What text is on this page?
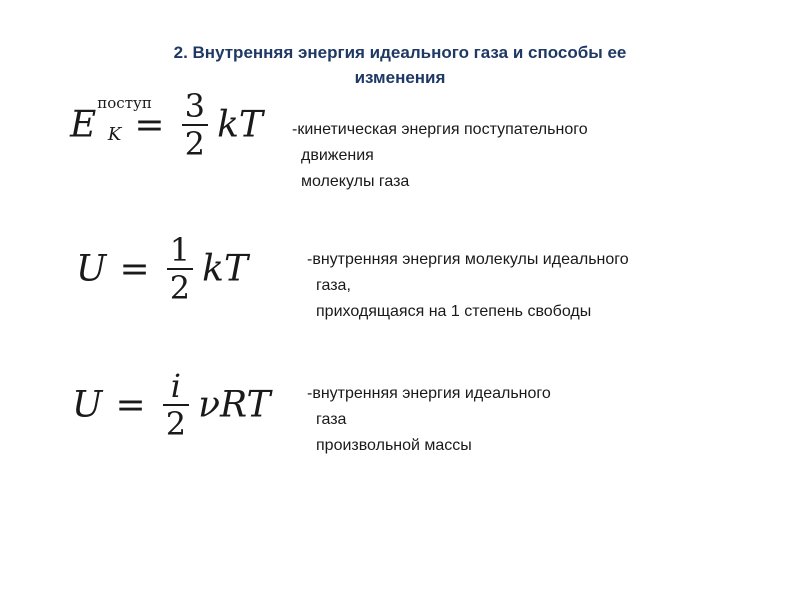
2. Внутренняя энергия идеального газа и способы ее
изменения
EпоступK = $\frac{3}{2}$ kT -кинетическая энергия поступательного
движения
молекулы газа
$U = \frac{1}{2}$ kT	-внутренняя энергия молекулы идеального
газа,
приходящаяся на 1 степень свободы
$U = \frac{i}{2}$ νRT -внутренняя энергия идеального
газа
произвольной массы
